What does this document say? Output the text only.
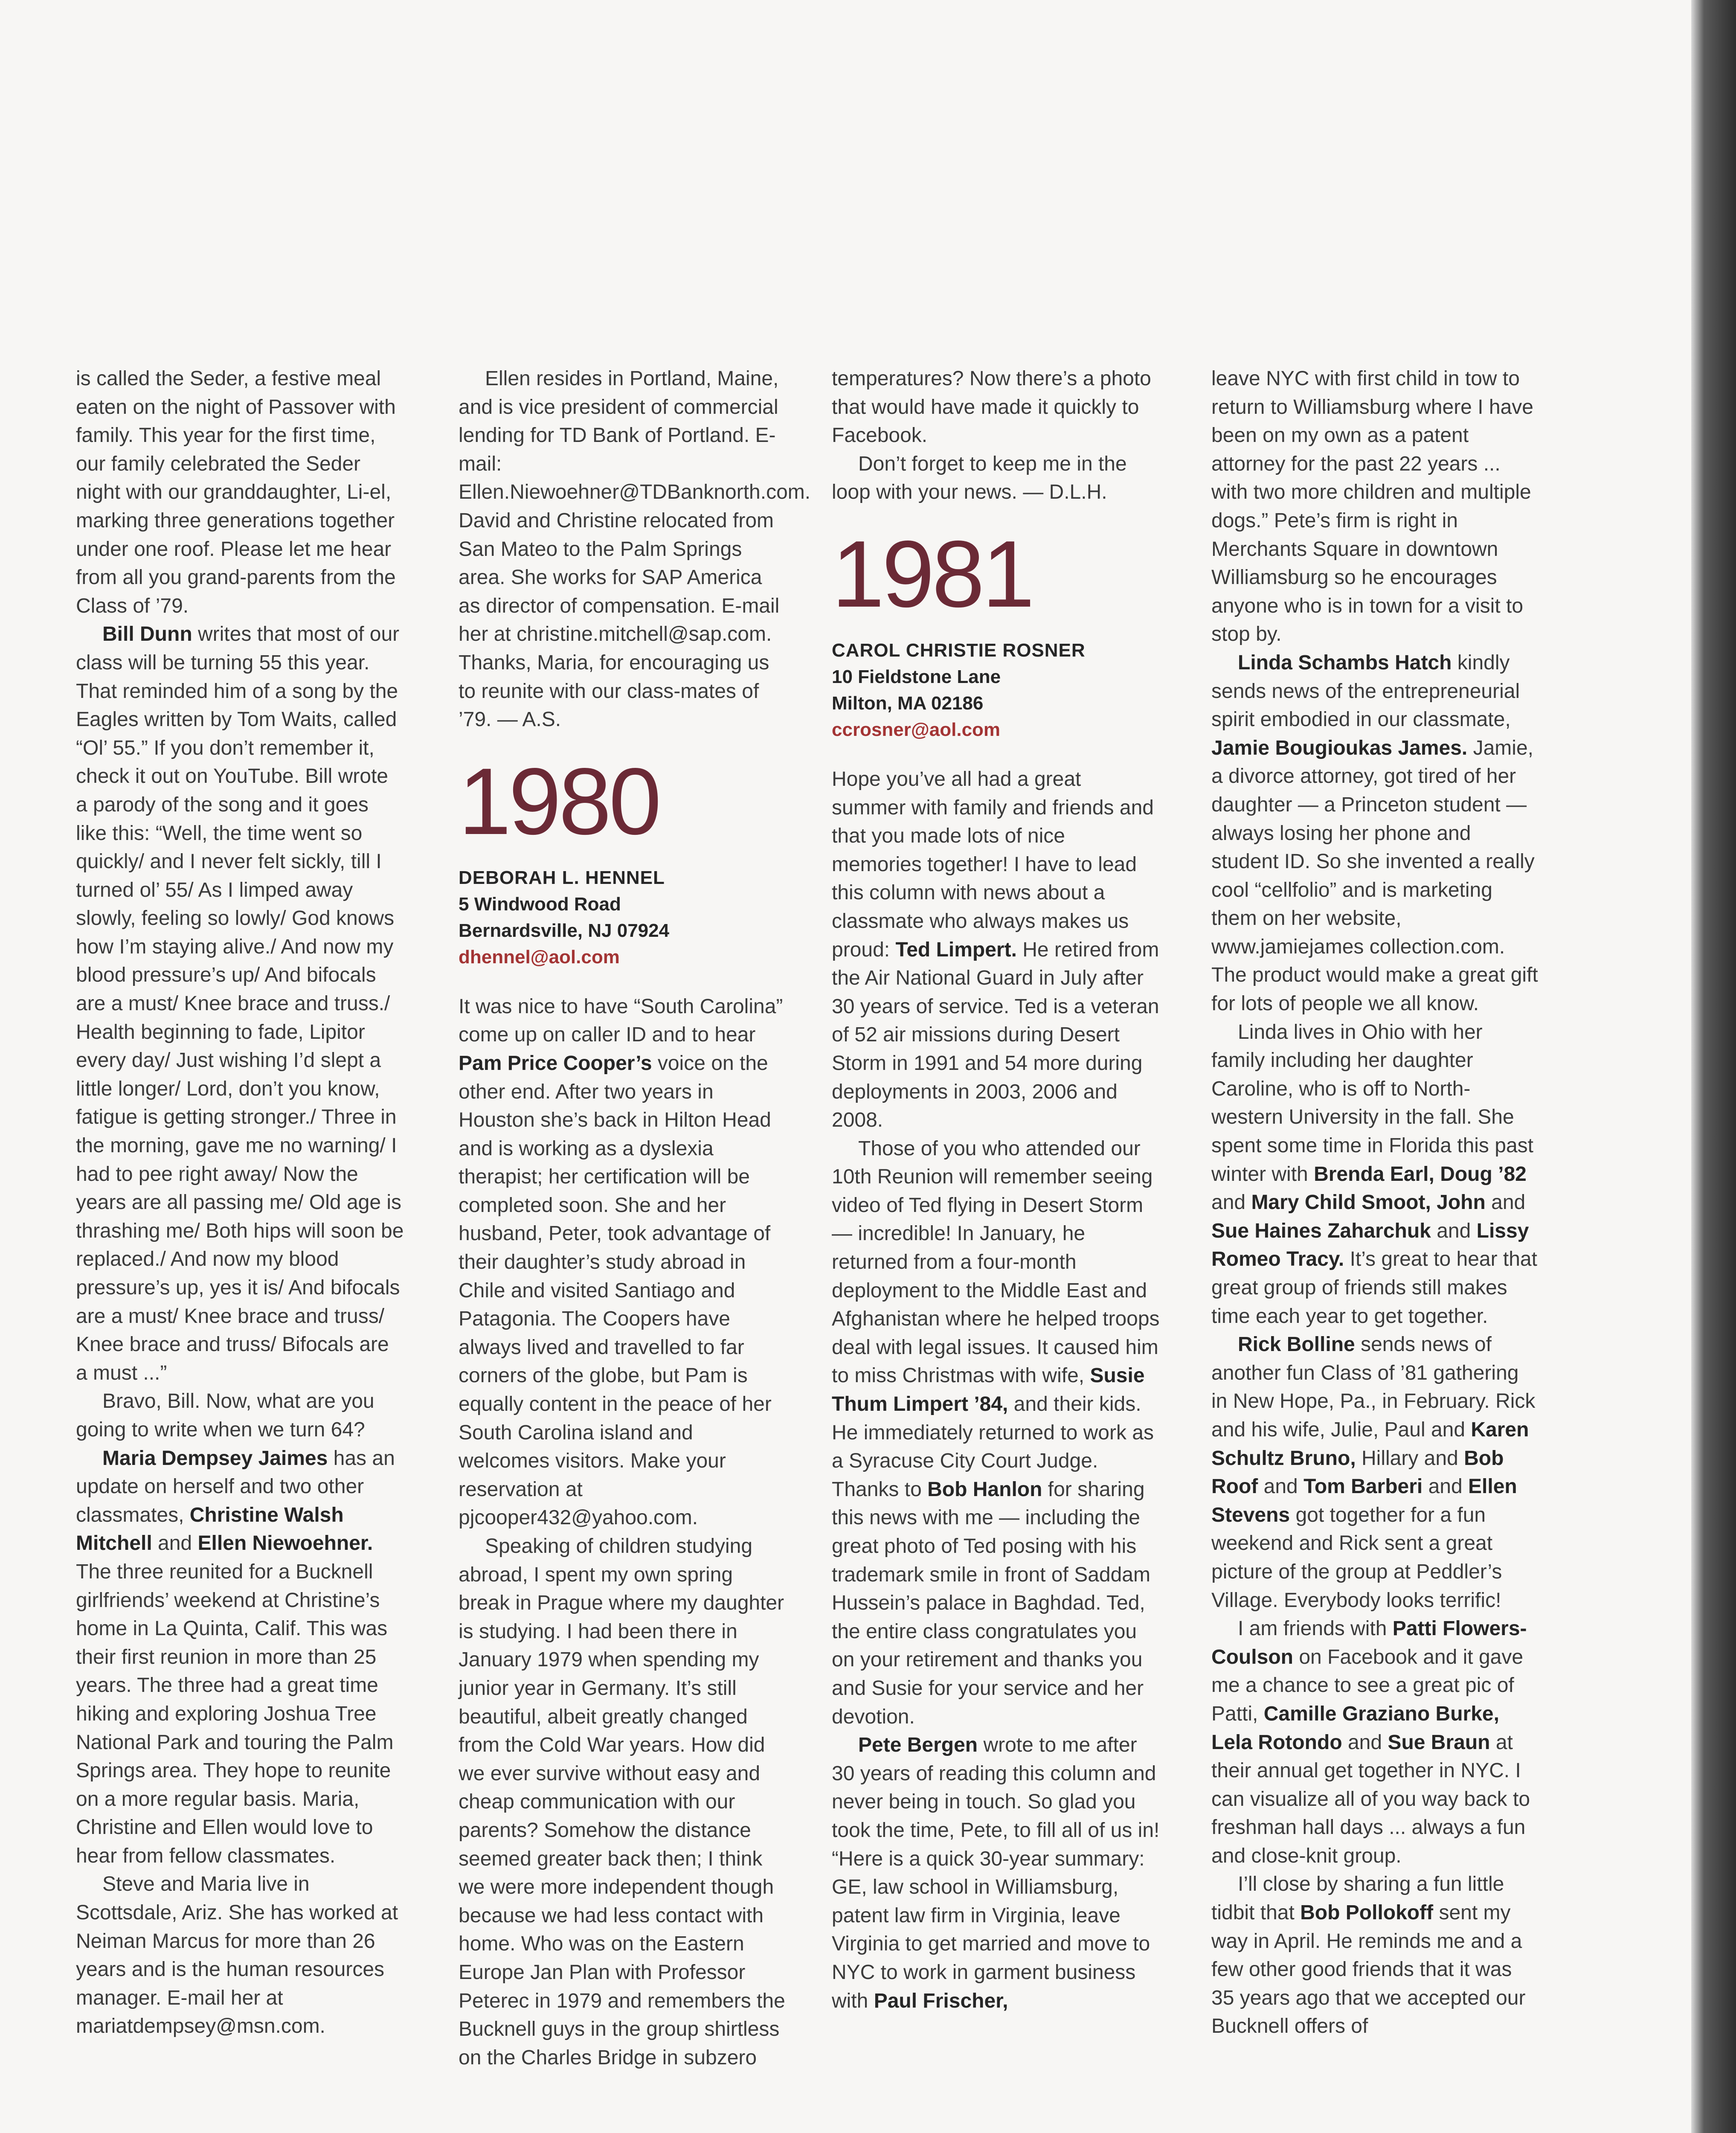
is called the Seder, a festive meal eaten on the night of Passover with family. This year for the first time, our family celebrated the Seder night with our granddaughter, Li-el, marking three generations together under one roof. Please let me hear from all you grand-parents from the Class of ’79.

Bill Dunn writes that most of our class will be turning 55 this year. That reminded him of a song by the Eagles written by Tom Waits, called “Ol’ 55.” If you don’t remember it, check it out on YouTube. Bill wrote a parody of the song and it goes like this: “Well, the time went so quickly/ and I never felt sickly, till I turned ol’ 55/ As I limped away slowly, feeling so lowly/ God knows how I’m staying alive./ And now my blood pressure’s up/ And bifocals are a must/ Knee brace and truss./ Health beginning to fade, Lipitor every day/ Just wishing I’d slept a little longer/ Lord, don’t you know, fatigue is getting stronger./ Three in the morning, gave me no warning/ I had to pee right away/ Now the years are all passing me/ Old age is thrashing me/ Both hips will soon be replaced./ And now my blood pressure’s up, yes it is/ And bifocals are a must/ Knee brace and truss/ Knee brace and truss/ Bifocals are a must ...”

Bravo, Bill. Now, what are you going to write when we turn 64?

Maria Dempsey Jaimes has an update on herself and two other classmates, Christine Walsh Mitchell and Ellen Niewoehner. The three reunited for a Bucknell girlfriends’ weekend at Christine’s home in La Quinta, Calif. This was their first reunion in more than 25 years. The three had a great time hiking and exploring Joshua Tree National Park and touring the Palm Springs area. They hope to reunite on a more regular basis. Maria, Christine and Ellen would love to hear from fellow classmates.

Steve and Maria live in Scottsdale, Ariz. She has worked at Neiman Marcus for more than 26 years and is the human resources manager. E-mail her at mariatdempsey@msn.com.

Ellen resides in Portland, Maine, and is vice president of commercial lending for TD Bank of Portland. E-mail: Ellen.Niewoehner@TDBanknorth.com. David and Christine relocated from San Mateo to the Palm Springs area. She works for SAP America as director of compensation. E-mail her at christine.mitchell@sap.com. Thanks, Maria, for encouraging us to reunite with our class-mates of ’79. — A.S.

1980
DEBORAH L. HENNEL
5 Windwood Road
Bernardsville, NJ 07924
dhennel@aol.com

It was nice to have “South Carolina” come up on caller ID and to hear Pam Price Cooper’s voice on the other end. After two years in Houston she’s back in Hilton Head and is working as a dyslexia therapist; her certification will be completed soon. She and her husband, Peter, took advantage of their daughter’s study abroad in Chile and visited Santiago and Patagonia. The Coopers have always lived and travelled to far corners of the globe, but Pam is equally content in the peace of her South Carolina island and welcomes visitors. Make your reservation at pjcooper432@yahoo.com.

Speaking of children studying abroad, I spent my own spring break in Prague where my daughter is studying. I had been there in January 1979 when spending my junior year in Germany. It’s still beautiful, albeit greatly changed from the Cold War years. How did we ever survive without easy and cheap communication with our parents? Somehow the distance seemed greater back then; I think we were more independent though because we had less contact with home. Who was on the Eastern Europe Jan Plan with Professor Peterec in 1979 and remembers the Bucknell guys in the group shirtless on the Charles Bridge in subzero

temperatures? Now there’s a photo that would have made it quickly to Facebook.

Don’t forget to keep me in the loop with your news. — D.L.H.

1981
CAROL CHRISTIE ROSNER
10 Fieldstone Lane
Milton, MA 02186
ccrosner@aol.com

Hope you’ve all had a great summer with family and friends and that you made lots of nice memories together! I have to lead this column with news about a classmate who always makes us proud: Ted Limpert. He retired from the Air National Guard in July after 30 years of service. Ted is a veteran of 52 air missions during Desert Storm in 1991 and 54 more during deployments in 2003, 2006 and 2008.

Those of you who attended our 10th Reunion will remember seeing video of Ted flying in Desert Storm — incredible! In January, he returned from a four-month deployment to the Middle East and Afghanistan where he helped troops deal with legal issues. It caused him to miss Christmas with wife, Susie Thum Limpert ’84, and their kids. He immediately returned to work as a Syracuse City Court Judge. Thanks to Bob Hanlon for sharing this news with me — including the great photo of Ted posing with his trademark smile in front of Saddam Hussein’s palace in Baghdad. Ted, the entire class congratulates you on your retirement and thanks you and Susie for your service and her devotion.

Pete Bergen wrote to me after 30 years of reading this column and never being in touch. So glad you took the time, Pete, to fill all of us in! “Here is a quick 30-year summary: GE, law school in Williamsburg, patent law firm in Virginia, leave Virginia to get married and move to NYC to work in garment business with Paul Frischer,

leave NYC with first child in tow to return to Williamsburg where I have been on my own as a patent attorney for the past 22 years ... with two more children and multiple dogs.” Pete’s firm is right in Merchants Square in downtown Williamsburg so he encourages anyone who is in town for a visit to stop by.

Linda Schambs Hatch kindly sends news of the entrepreneurial spirit embodied in our classmate, Jamie Bougioukas James. Jamie, a divorce attorney, got tired of her daughter — a Princeton student — always losing her phone and student ID. So she invented a really cool “cellfolio” and is marketing them on her website, www.jamiejames collection.com. The product would make a great gift for lots of people we all know.

Linda lives in Ohio with her family including her daughter Caroline, who is off to North-western University in the fall. She spent some time in Florida this past winter with Brenda Earl, Doug ’82 and Mary Child Smoot, John and Sue Haines Zaharchuk and Lissy Romeo Tracy. It’s great to hear that great group of friends still makes time each year to get together.

Rick Bolline sends news of another fun Class of ’81 gathering in New Hope, Pa., in February. Rick and his wife, Julie, Paul and Karen Schultz Bruno, Hillary and Bob Roof and Tom Barberi and Ellen Stevens got together for a fun weekend and Rick sent a great picture of the group at Peddler’s Village. Everybody looks terrific!

I am friends with Patti Flowers-Coulson on Facebook and it gave me a chance to see a great pic of Patti, Camille Graziano Burke, Lela Rotondo and Sue Braun at their annual get together in NYC. I can visualize all of you way back to freshman hall days ... always a fun and close-knit group.

I’ll close by sharing a fun little tidbit that Bob Pollokoff sent my way in April. He reminds me and a few other good friends that it was 35 years ago that we accepted our Bucknell offers of
